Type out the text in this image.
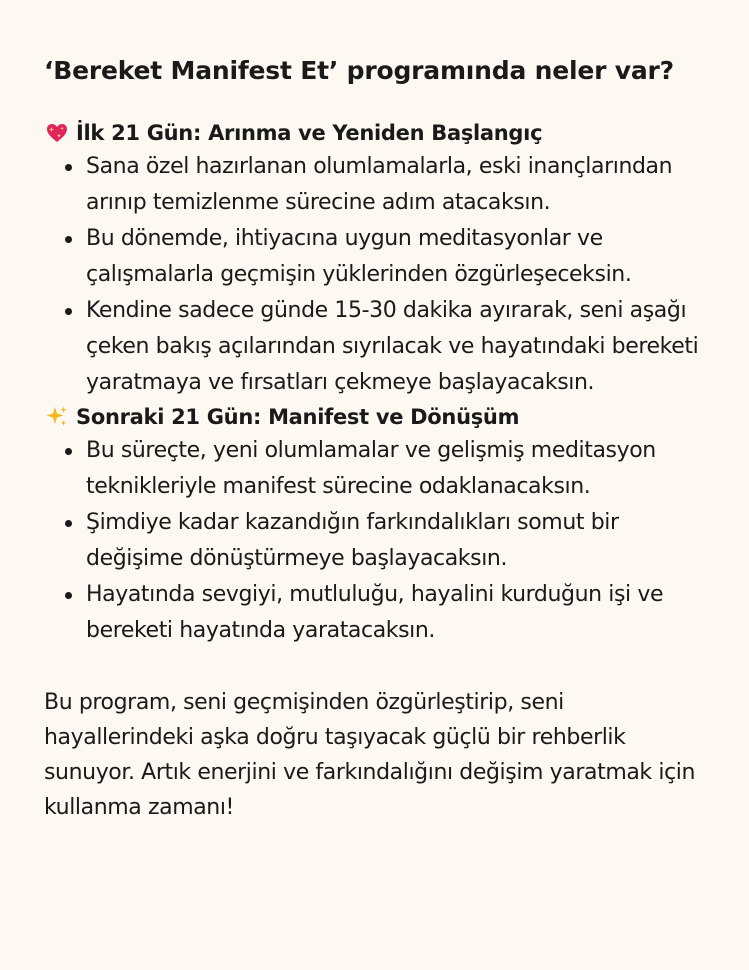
‘Bereket Manifest Et’ programında neler var?
İlk 21 Gün: Arınma ve Yeniden Başlangıç
Sana özel hazırlanan olumlamalarla, eski inançlarından arınıp temizlenme sürecine adım atacaksın.
Bu dönemde, ihtiyacına uygun meditasyonlar ve çalışmalarla geçmişin yüklerinden özgürleşeceksin.
Kendine sadece günde 15-30 dakika ayırarak, seni aşağı çeken bakış açılarından sıyrılacak ve hayatındaki bereketi yaratmaya ve fırsatları çekmeye başlayacaksın.
Sonraki 21 Gün: Manifest ve Dönüşüm
Bu süreçte, yeni olumlamalar ve gelişmiş meditasyon teknikleriyle manifest sürecine odaklanacaksın.
Şimdiye kadar kazandığın farkındalıkları somut bir değişime dönüştürmeye başlayacaksın.
Hayatında sevgiyi, mutluluğu, hayalini kurduğun işi ve bereketi hayatında yaratacaksın.

Bu program, seni geçmişinden özgürleştirip, seni hayallerindeki aşka doğru taşıyacak güçlü bir rehberlik sunuyor. Artık enerjini ve farkındalığını değişim yaratmak için kullanma zamanı!
